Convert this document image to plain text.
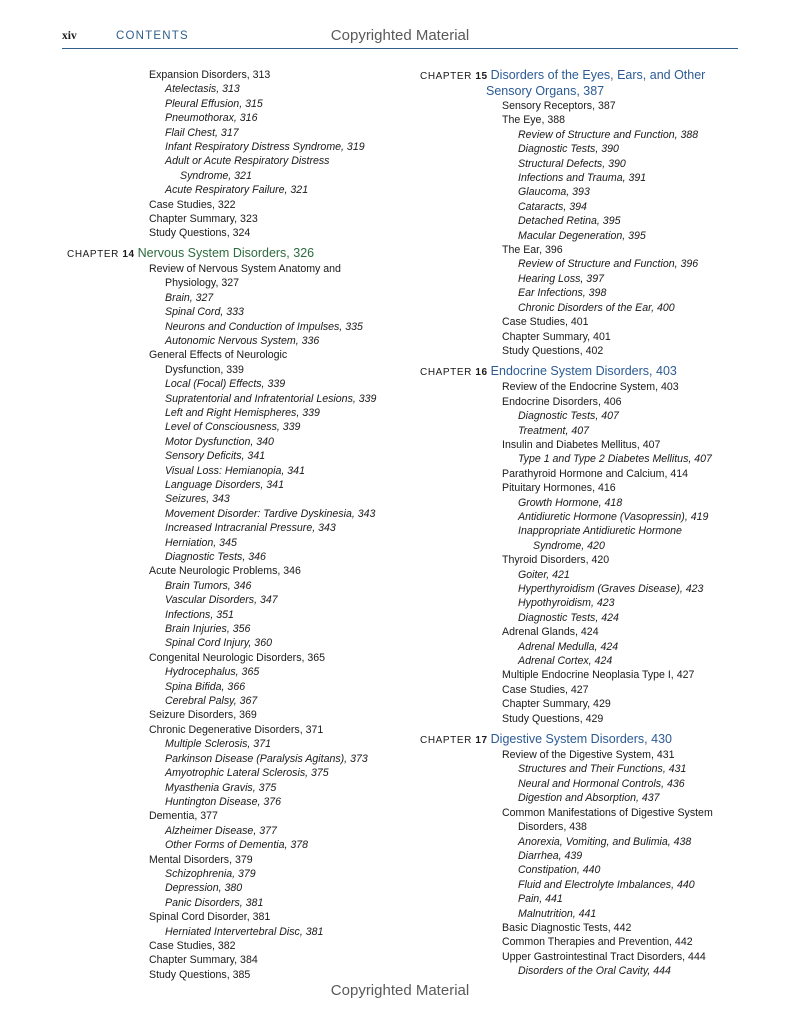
Copyrighted Material
xiv	CONTENTS
Expansion Disorders, 313
Atelectasis, 313
Pleural Effusion, 315
Pneumothorax, 316
Flail Chest, 317
Infant Respiratory Distress Syndrome, 319
Adult or Acute Respiratory Distress
Syndrome, 321
Acute Respiratory Failure, 321
Case Studies, 322
Chapter Summary, 323
Study Questions, 324
CHAPTER 14 Nervous System Disorders, 326
Review of Nervous System Anatomy and
Physiology, 327
Brain, 327
Spinal Cord, 333
Neurons and Conduction of Impulses, 335
Autonomic Nervous System, 336
General Effects of Neurologic
Dysfunction, 339
Local (Focal) Effects, 339
Supratentorial and Infratentorial Lesions, 339
Left and Right Hemispheres, 339
Level of Consciousness, 339
Motor Dysfunction, 340
Sensory Deficits, 341
Visual Loss: Hemianopia, 341
Language Disorders, 341
Seizures, 343
Movement Disorder: Tardive Dyskinesia, 343
Increased Intracranial Pressure, 343
Herniation, 345
Diagnostic Tests, 346
Acute Neurologic Problems, 346
Brain Tumors, 346
Vascular Disorders, 347
Infections, 351
Brain Injuries, 356
Spinal Cord Injury, 360
Congenital Neurologic Disorders, 365
Hydrocephalus, 365
Spina Bifida, 366
Cerebral Palsy, 367
Seizure Disorders, 369
Chronic Degenerative Disorders, 371
Multiple Sclerosis, 371
Parkinson Disease (Paralysis Agitans), 373
Amyotrophic Lateral Sclerosis, 375
Myasthenia Gravis, 375
Huntington Disease, 376
Dementia, 377
Alzheimer Disease, 377
Other Forms of Dementia, 378
Mental Disorders, 379
Schizophrenia, 379
Depression, 380
Panic Disorders, 381
Spinal Cord Disorder, 381
Herniated Intervertebral Disc, 381
Case Studies, 382
Chapter Summary, 384
Study Questions, 385
CHAPTER 15 Disorders of the Eyes, Ears, and Other
Sensory Organs, 387
Sensory Receptors, 387
The Eye, 388
Review of Structure and Function, 388
Diagnostic Tests, 390
Structural Defects, 390
Infections and Trauma, 391
Glaucoma, 393
Cataracts, 394
Detached Retina, 395
Macular Degeneration, 395
The Ear, 396
Review of Structure and Function, 396
Hearing Loss, 397
Ear Infections, 398
Chronic Disorders of the Ear, 400
Case Studies, 401
Chapter Summary, 401
Study Questions, 402
CHAPTER 16 Endocrine System Disorders, 403
Review of the Endocrine System, 403
Endocrine Disorders, 406
Diagnostic Tests, 407
Treatment, 407
Insulin and Diabetes Mellitus, 407
Type 1 and Type 2 Diabetes Mellitus, 407
Parathyroid Hormone and Calcium, 414
Pituitary Hormones, 416
Growth Hormone, 418
Antidiuretic Hormone (Vasopressin), 419
Inappropriate Antidiuretic Hormone
Syndrome, 420
Thyroid Disorders, 420
Goiter, 421
Hyperthyroidism (Graves Disease), 423
Hypothyroidism, 423
Diagnostic Tests, 424
Adrenal Glands, 424
Adrenal Medulla, 424
Adrenal Cortex, 424
Multiple Endocrine Neoplasia Type I, 427
Case Studies, 427
Chapter Summary, 429
Study Questions, 429
CHAPTER 17 Digestive System Disorders, 430
Review of the Digestive System, 431
Structures and Their Functions, 431
Neural and Hormonal Controls, 436
Digestion and Absorption, 437
Common Manifestations of Digestive System
Disorders, 438
Anorexia, Vomiting, and Bulimia, 438
Diarrhea, 439
Constipation, 440
Fluid and Electrolyte Imbalances, 440
Pain, 441
Malnutrition, 441
Basic Diagnostic Tests, 442
Common Therapies and Prevention, 442
Upper Gastrointestinal Tract Disorders, 444
Disorders of the Oral Cavity, 444
Copyrighted Material
